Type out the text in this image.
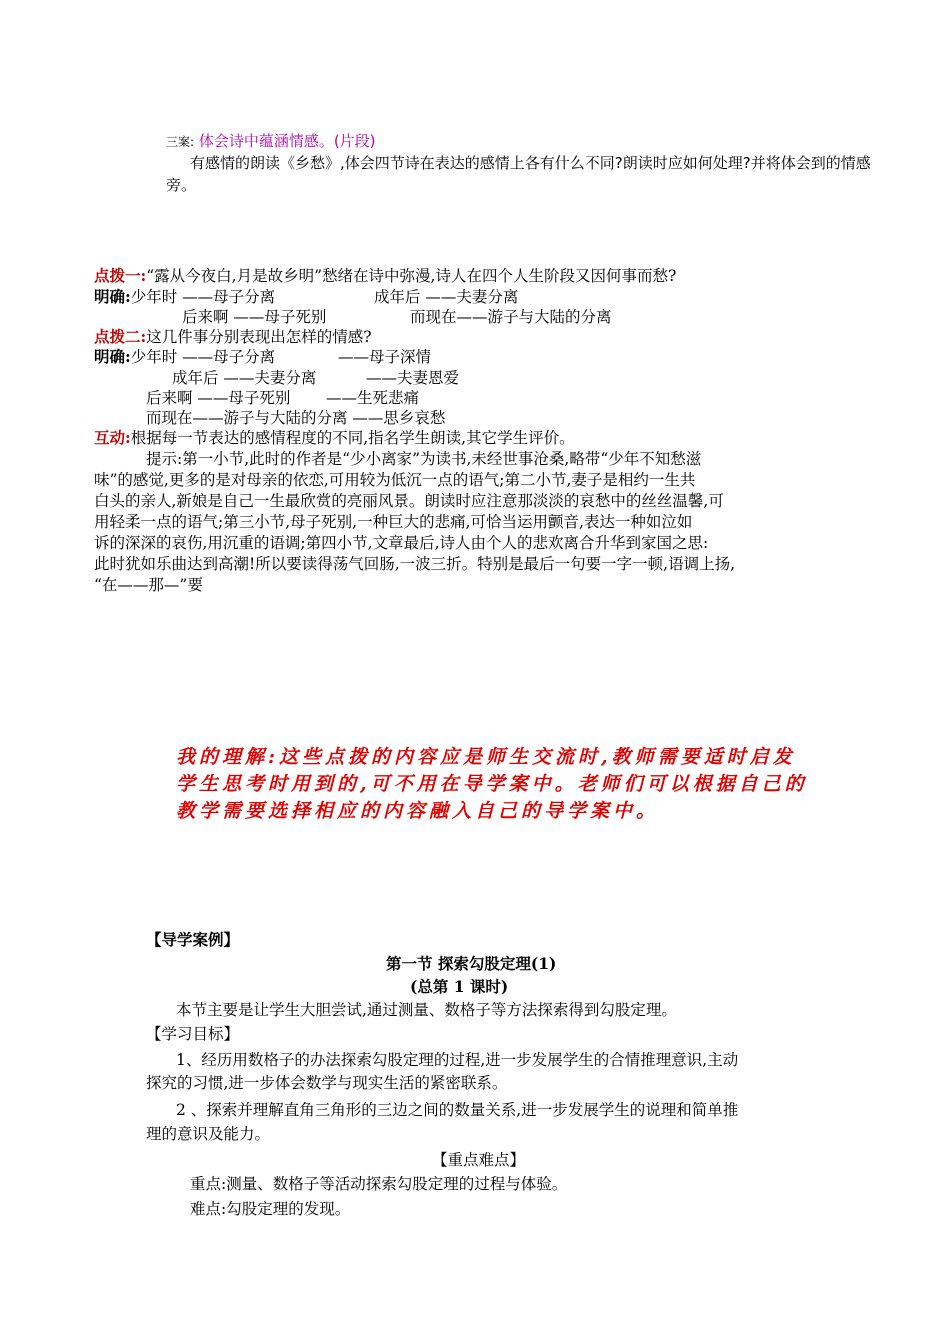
三案: 体会诗中蕴涵情感。(片段)
有感情的朗读《乡愁》,体会四节诗在表达的感情上各有什么不同?朗读时应如何处理?并将体会到的情感
旁。
点拨一:“露从今夜白,月是故乡明”愁绪在诗中弥漫,诗人在四个人生阶段又因何事而愁?
明确:少年时 ——母子分离	成年后 ——夫妻分离
后来啊 ——母子死别	而现在——游子与大陆的分离
点拨二:这几件事分别表现出怎样的情感?
明确:少年时 ——母子分离	——母子深情
成年后 ——夫妻分离	——夫妻恩爱
后来啊 ——母子死别 ——生死悲痛
而现在——游子与大陆的分离 ——思乡哀愁
互动:根据每一节表达的感情程度的不同,指名学生朗读,其它学生评价。
提示:第一小节,此时的作者是“少小离家”为读书,未经世事沧桑,略带“少年不知愁滋
味”的感觉,更多的是对母亲的依恋,可用较为低沉一点的语气;第二小节,妻子是相约一生共
白头的亲人,新娘是自己一生最欣赏的亮丽风景。朗读时应注意那淡淡的哀愁中的丝丝温馨,可
用轻柔一点的语气;第三小节,母子死别,一种巨大的悲痛,可恰当运用颤音,表达一种如泣如
诉的深深的哀伤,用沉重的语调;第四小节,文章最后,诗人由个人的悲欢离合升华到家国之思:
此时犹如乐曲达到高潮!所以要读得荡气回肠,一波三折。特别是最后一句要一字一顿,语调上扬,
“在——那—”要
我的理解:这些点拨的内容应是师生交流时,教师需要适时启发
学生思考时用到的,可不用在导学案中。老师们可以根据自己的
教学需要选择相应的内容融入自己的导学案中。
【导学案例】
第一节 探索勾股定理(1)
(总第 1 课时)
本节主要是让学生大胆尝试,通过测量、数格子等方法探索得到勾股定理。
【学习目标】
1、经历用数格子的办法探索勾股定理的过程,进一步发展学生的合情推理意识,主动
探究的习惯,进一步体会数学与现实生活的紧密联系。
2 、探索并理解直角三角形的三边之间的数量关系,进一步发展学生的说理和简单推
理的意识及能力。
【重点难点】
重点:测量、数格子等活动探索勾股定理的过程与体验。
难点:勾股定理的发现。
